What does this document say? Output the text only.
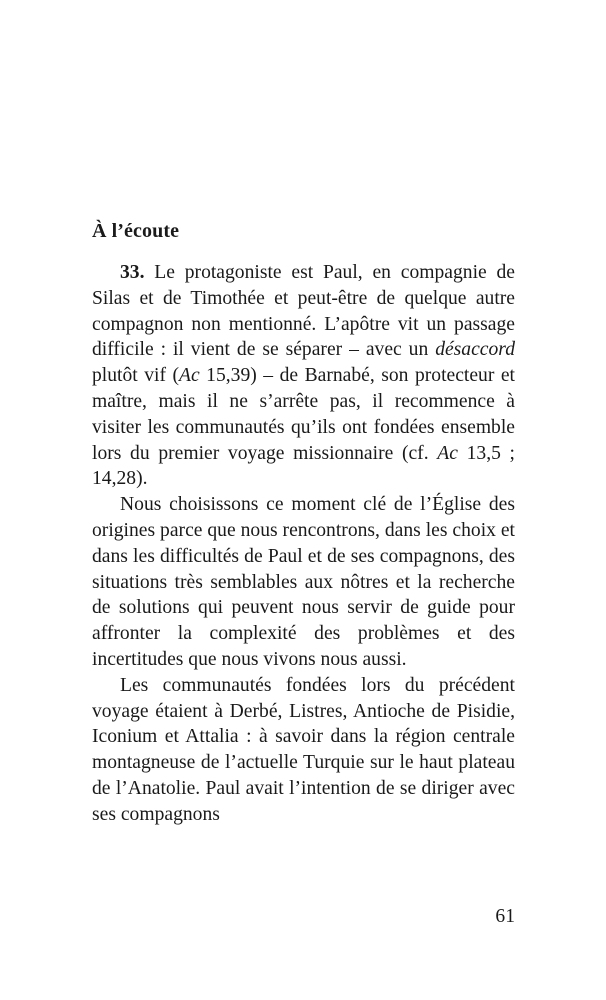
À l’écoute

33. Le protagoniste est Paul, en compagnie de Silas et de Timothée et peut-être de quelque autre compagnon non mentionné. L’apôtre vit un passage difficile : il vient de se séparer – avec un désaccord plutôt vif (Ac 15,39) – de Barnabé, son protecteur et maître, mais il ne s’arrête pas, il recommence à visiter les communautés qu’ils ont fondées ensemble lors du premier voyage missionnaire (cf. Ac 13,5 ; 14,28).

Nous choisissons ce moment clé de l’Église des origines parce que nous rencontrons, dans les choix et dans les difficultés de Paul et de ses compagnons, des situations très semblables aux nôtres et la recherche de solutions qui peuvent nous servir de guide pour affronter la complexité des problèmes et des incertitudes que nous vivons nous aussi.

Les communautés fondées lors du précédent voyage étaient à Derbé, Listres, Antioche de Pisidie, Iconium et Attalia : à savoir dans la région centrale montagneuse de l’actuelle Turquie sur le haut plateau de l’Anatolie. Paul avait l’intention de se diriger avec ses compagnons

61
